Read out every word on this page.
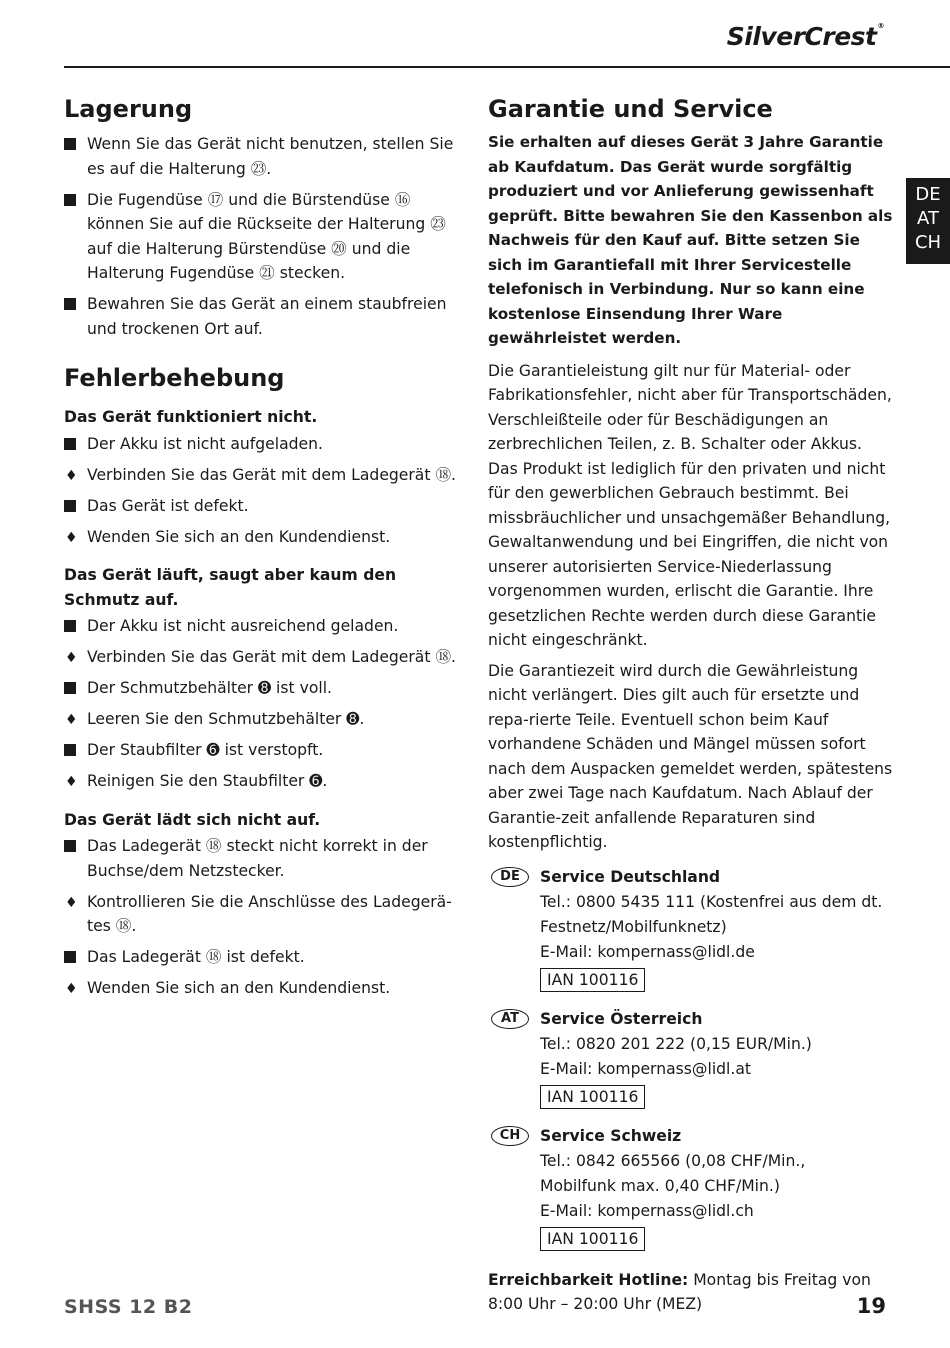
SilverCrest®
DE
AT
CH
Lagerung
Wenn Sie das Gerät nicht benutzen, stellen Sie es auf die Halterung ㉓.
Die Fugendüse ⑰ und die Bürstendüse ⑯ können Sie auf die Rückseite der Halterung ㉓ auf die Halterung Bürstendüse ⑳ und die Halterung Fugendüse ㉑ stecken.
Bewahren Sie das Gerät an einem staubfreien und trockenen Ort auf.
Fehlerbehebung
Das Gerät funktioniert nicht.
Der Akku ist nicht aufgeladen.
♦ Verbinden Sie das Gerät mit dem Ladegerät ⑱.
Das Gerät ist defekt.
♦ Wenden Sie sich an den Kundendienst.
Das Gerät läuft, saugt aber kaum den Schmutz auf.
Der Akku ist nicht ausreichend geladen.
♦ Verbinden Sie das Gerät mit dem Ladegerät ⑱.
Der Schmutzbehälter ➑ ist voll.
♦ Leeren Sie den Schmutzbehälter ➑.
Der Staubfilter ➏ ist verstopft.
♦ Reinigen Sie den Staubfilter ➏.
Das Gerät lädt sich nicht auf.
Das Ladegerät ⑱ steckt nicht korrekt in der Buchse/dem Netzstecker.
♦ Kontrollieren Sie die Anschlüsse des Ladegerä-tes ⑱.
Das Ladegerät ⑱ ist defekt.
♦ Wenden Sie sich an den Kundendienst.
Garantie und Service

Sie erhalten auf dieses Gerät 3 Jahre Garantie ab Kaufdatum. Das Gerät wurde sorgfältig produziert und vor Anlieferung gewissenhaft geprüft. Bitte bewahren Sie den Kassenbon als Nachweis für den Kauf auf. Bitte setzen Sie sich im Garantiefall mit Ihrer Servicestelle telefonisch in Verbindung. Nur so kann eine kostenlose Einsendung Ihrer Ware gewährleistet werden.

Die Garantieleistung gilt nur für Material- oder Fabrikationsfehler, nicht aber für Transportschäden, Verschleißteile oder für Beschädigungen an zerbrechlichen Teilen, z. B. Schalter oder Akkus. Das Produkt ist lediglich für den privaten und nicht für den gewerblichen Gebrauch bestimmt. Bei missbräuchlicher und unsachgemäßer Behandlung, Gewaltanwendung und bei Eingriffen, die nicht von unserer autorisierten Service-Niederlassung vorgenommen wurden, erlischt die Garantie. Ihre gesetzlichen Rechte werden durch diese Garantie nicht eingeschränkt.

Die Garantiezeit wird durch die Gewährleistung nicht verlängert. Dies gilt auch für ersetzte und repa-rierte Teile. Eventuell schon beim Kauf vorhandene Schäden und Mängel müssen sofort nach dem Auspacken gemeldet werden, spätestens aber zwei Tage nach Kaufdatum. Nach Ablauf der Garantie-zeit anfallende Reparaturen sind kostenpflichtig.

DE	Service Deutschland
Tel.: 0800 5435 111 (Kostenfrei aus dem dt. Festnetz/Mobilfunknetz)
E-Mail: kompernass@lidl.de
IAN 100116
AT	Service Österreich
Tel.: 0820 201 222 (0,15 EUR/Min.)
E-Mail: kompernass@lidl.at
IAN 100116
CH	Service Schweiz
Tel.: 0842 665566 (0,08 CHF/Min.,
Mobilfunk max. 0,40 CHF/Min.)
E-Mail: kompernass@lidl.ch
IAN 100116

Erreichbarkeit Hotline: Montag bis Freitag von 8:00 Uhr – 20:00 Uhr (MEZ)

SHSS 12 B2	19
